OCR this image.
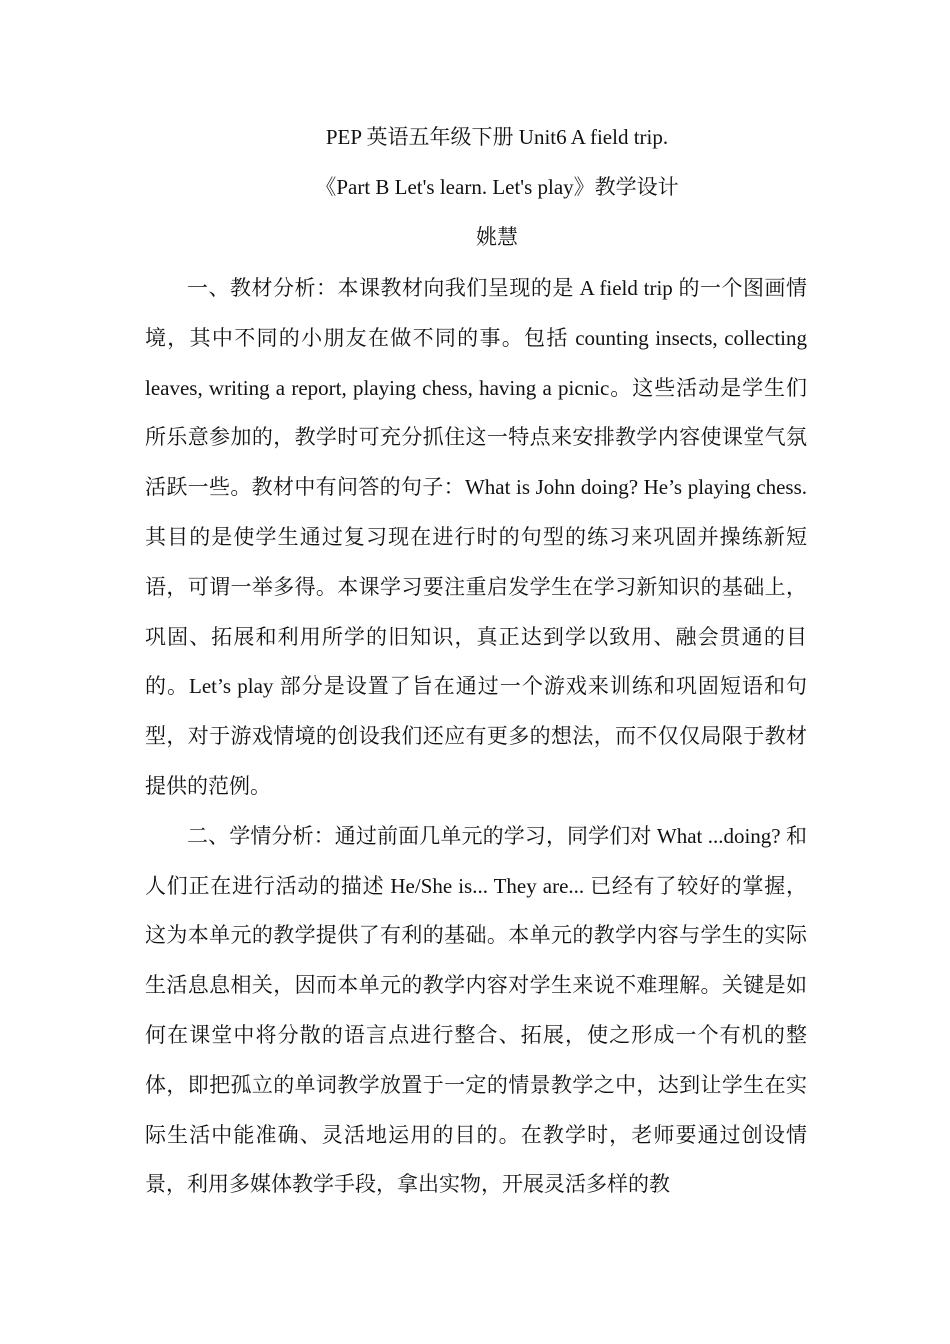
PEP 英语五年级下册 Unit6 A field trip.
《Part B Let's learn. Let's play》教学设计
姚慧

一、教材分析：本课教材向我们呈现的是 A field trip 的一个图画情境，其中不同的小朋友在做不同的事。包括 counting insects, collecting leaves, writing a report, playing chess, having a picnic。这些活动是学生们所乐意参加的，教学时可充分抓住这一特点来安排教学内容使课堂气氛活跃一些。教材中有问答的句子：What is John doing? He’s playing chess.其目的是使学生通过复习现在进行时的句型的练习来巩固并操练新短语，可谓一举多得。本课学习要注重启发学生在学习新知识的基础上，巩固、拓展和利用所学的旧知识，真正达到学以致用、融会贯通的目的。Let’s play 部分是设置了旨在通过一个游戏来训练和巩固短语和句型，对于游戏情境的创设我们还应有更多的想法，而不仅仅局限于教材提供的范例。

二、学情分析：通过前面几单元的学习，同学们对 What ...doing? 和人们正在进行活动的描述 He/She is... They are... 已经有了较好的掌握，这为本单元的教学提供了有利的基础。本单元的教学内容与学生的实际生活息息相关，因而本单元的教学内容对学生来说不难理解。关键是如何在课堂中将分散的语言点进行整合、拓展，使之形成一个有机的整体，即把孤立的单词教学放置于一定的情景教学之中，达到让学生在实际生活中能准确、灵活地运用的目的。在教学时，老师要通过创设情景，利用多媒体教学手段，拿出实物，开展灵活多样的教
